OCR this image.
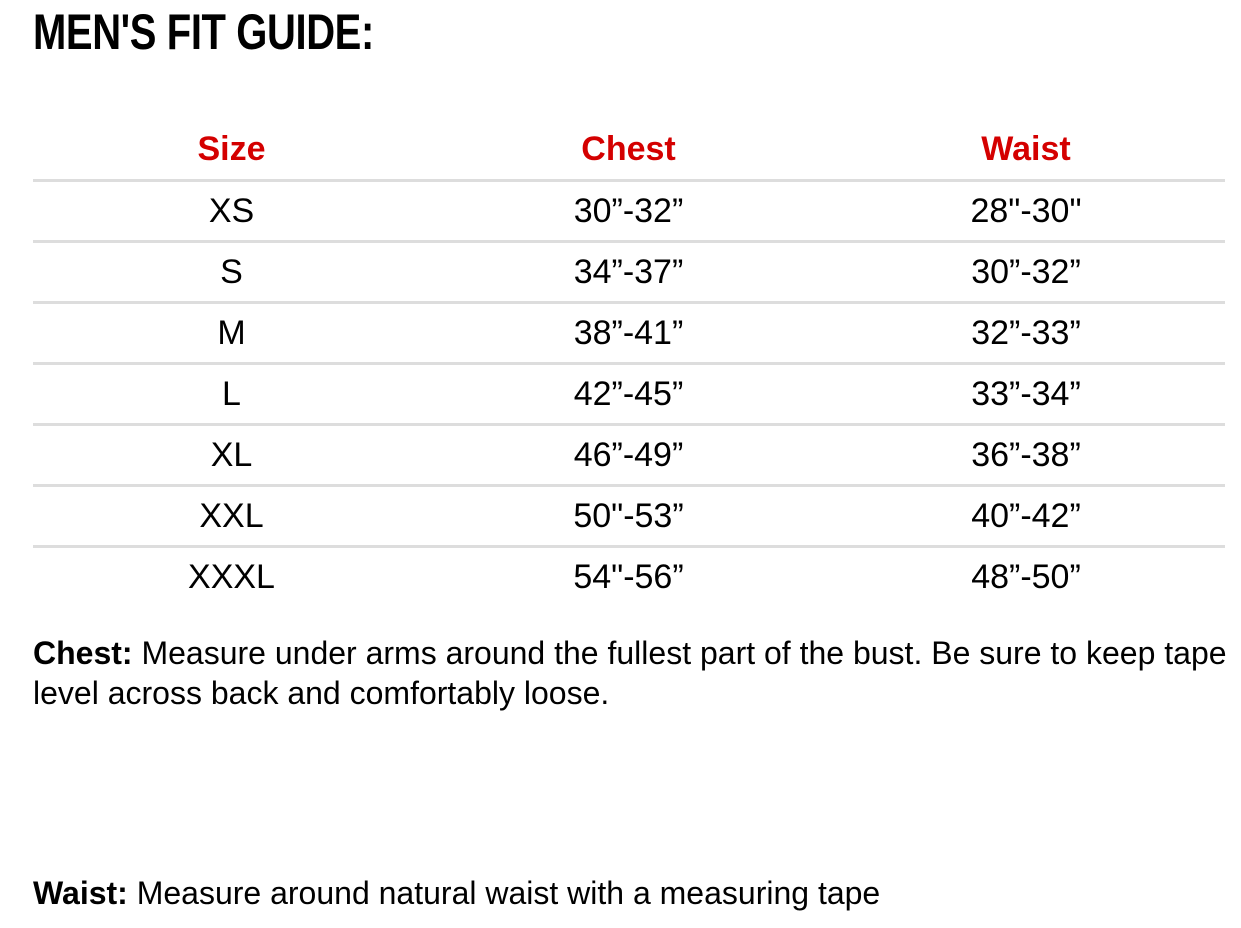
MEN'S FIT GUIDE:
Size	Chest	Waist
XS	30”-32”	28"-30"
S	34”-37”	30”-32”
M	38”-41”	32”-33”
L	42”-45”	33”-34”
XL	46”-49”	36”-38”
XXL	50"-53”	40”-42”
XXXL	54"-56”	48”-50”

Chest: Measure under arms around the fullest part of the bust. Be sure to keep tape level across back and comfortably loose.

Waist: Measure around natural waist with a measuring tape
